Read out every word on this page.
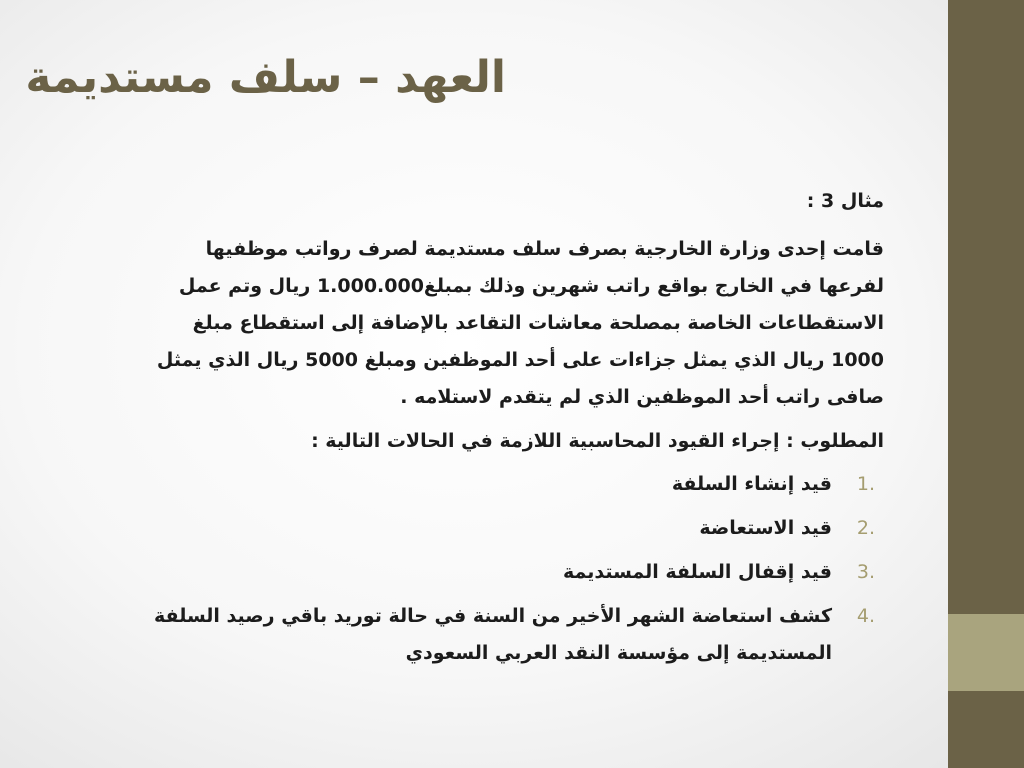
العهد – سلف مستديمة

مثال 3 :

قامت إحدى وزارة الخارجية بصرف سلف مستديمة لصرف رواتب موظفيها
لفرعها في الخارج بواقع راتب شهرين وذلك بمبلغ1.000.000 ريال وتم عمل
الاستقطاعات الخاصة بمصلحة معاشات التقاعد بالإضافة إلى استقطاع مبلغ
1000 ريال الذي يمثل جزاءات على أحد الموظفين ومبلغ 5000 ريال الذي يمثل
صافى راتب أحد الموظفين الذي لم يتقدم لاستلامه .

المطلوب : إجراء القيود المحاسبية اللازمة في الحالات التالية :

1.
قيد إنشاء السلفة
2.
قيد الاستعاضة
3.
قيد إقفال السلفة المستديمة
4.
كشف استعاضة الشهر الأخير من السنة في حالة توريد باقي رصيد السلفة المستديمة إلى مؤسسة النقد العربي السعودي
